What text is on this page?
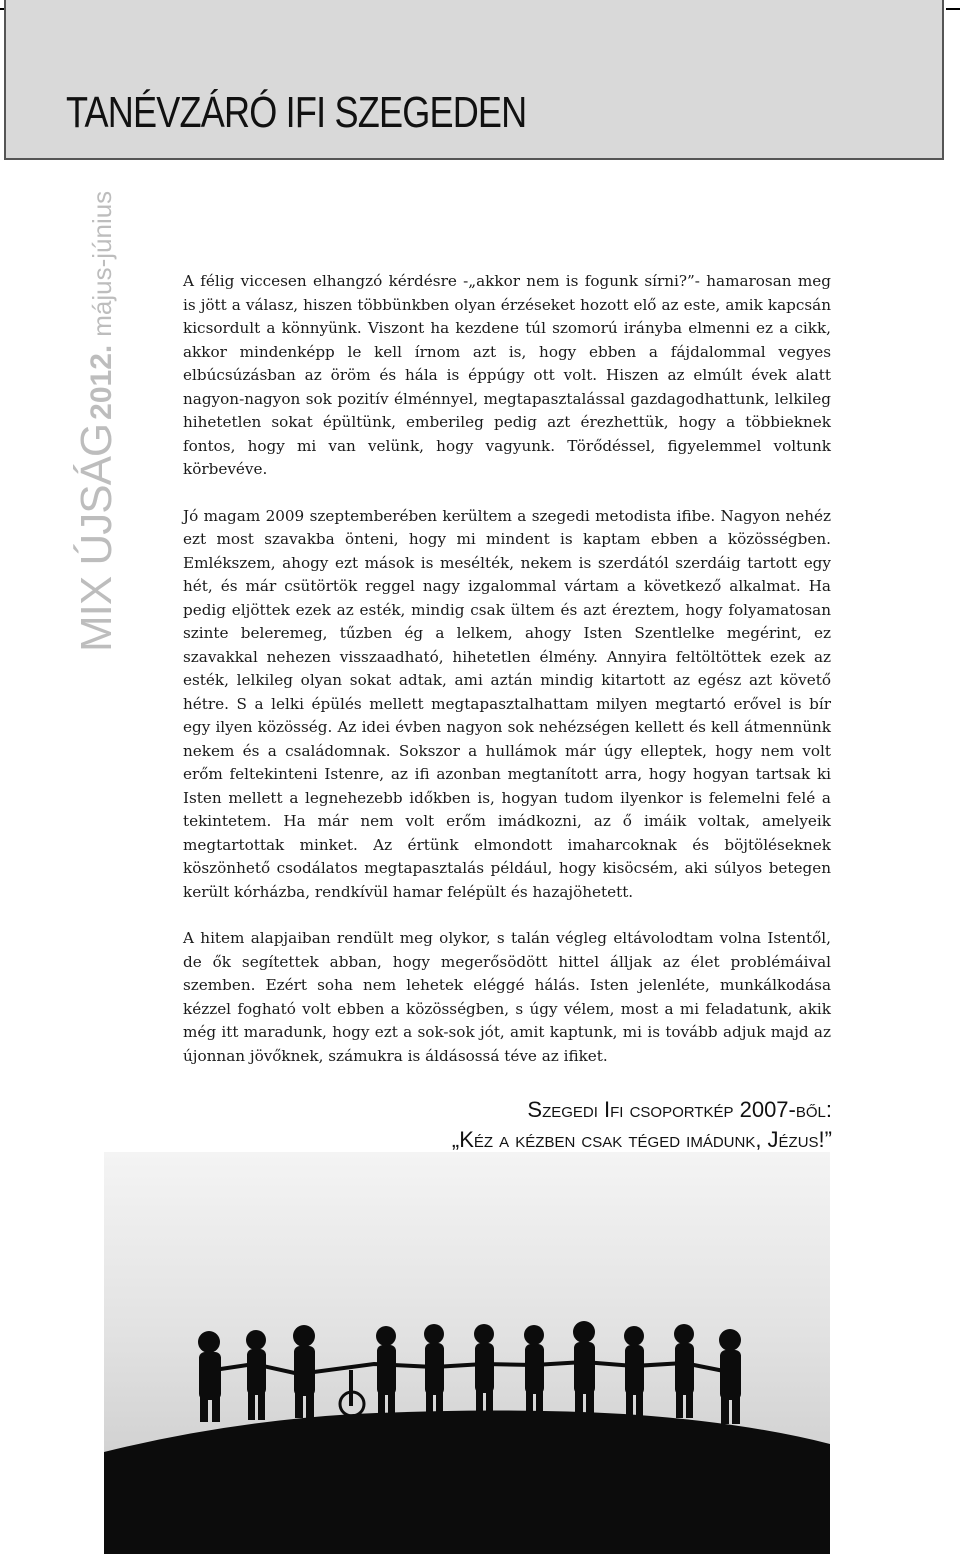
TANÉVZÁRÓ IFI SZEGEDEN
MIX ÚJSÁG2012.május-június	A félig viccesen elhangzó kérdésre -„akkor nem is fogunk sírni?”- hamarosan meg is jött a válasz, hiszen többünkben olyan érzéseket hozott elő az este, amik kapcsán kicsordult a könnyünk. Viszont ha kezdene túl szomorú irányba elmenni ez a cikk, akkor mindenképp le kell írnom azt is, hogy ebben a fájdalommal vegyes elbúcsúzásban az öröm és hála is éppúgy ott volt. Hiszen az elmúlt évek alatt nagyon-nagyon sok pozitív élménnyel, megtapasztalással gazdagodhattunk, lelkileg hihetetlen sokat épültünk, emberileg pedig azt érezhettük, hogy a többieknek fontos, hogy mi van velünk, hogy vagyunk. Törődéssel, figyelemmel voltunk körbevéve.

Jó magam 2009 szeptemberében kerültem a szegedi metodista ifibe. Nagyon nehéz ezt most szavakba önteni, hogy mi mindent is kaptam ebben a közösségben. Emlékszem, ahogy ezt mások is mesélték, nekem is szerdától szerdáig tartott egy hét, és már csütörtök reggel nagy izgalommal vártam a következő alkalmat. Ha pedig eljöttek ezek az esték, mindig csak ültem és azt éreztem, hogy folyamatosan szinte beleremeg, tűzben ég a lelkem, ahogy Isten Szentlelke megérint, ez szavakkal nehezen visszaadható, hihetetlen élmény. Annyira feltöltöttek ezek az esték, lelkileg olyan sokat adtak, ami aztán mindig kitartott az egész azt követő hétre. S a lelki épülés mellett megtapasztalhattam milyen megtartó erővel is bír egy ilyen közösség. Az idei évben nagyon sok nehézségen kellett és kell átmennünk nekem és a családomnak. Sokszor a hullámok már úgy elleptek, hogy nem volt erőm feltekinteni Istenre, az ifi azonban megtanított arra, hogy hogyan tartsak ki Isten mellett a legnehezebb időkben is, hogyan tudom ilyenkor is felemelni felé a tekintetem. Ha már nem volt erőm imádkozni, az ő imáik voltak, amelyeik megtartottak minket. Az értünk elmondott imaharcoknak és böjtöléseknek köszönhető csodálatos megtapasztalás például, hogy kisöcsém, aki súlyos betegen került kórházba, rendkívül hamar felépült és hazajöhetett.

A hitem alapjaiban rendült meg olykor, s talán végleg eltávolodtam volna Istentől, de ők segítettek abban, hogy megerősödött hittel álljak az élet problémáival szemben. Ezért soha nem lehetek eléggé hálás. Isten jelenléte, munkálkodása kézzel fogható volt ebben a közösségben, s úgy vélem, most a mi feladatunk, akik még itt maradunk, hogy ezt a sok-sok jót, amit kaptunk, mi is tovább adjuk majd az újonnan jövőknek, számukra is áldásossá téve az ifiket.

Szegedi Ifi csoportkép 2007-ből:
„Kéz a kézben csak téged imádunk, Jézus!”
